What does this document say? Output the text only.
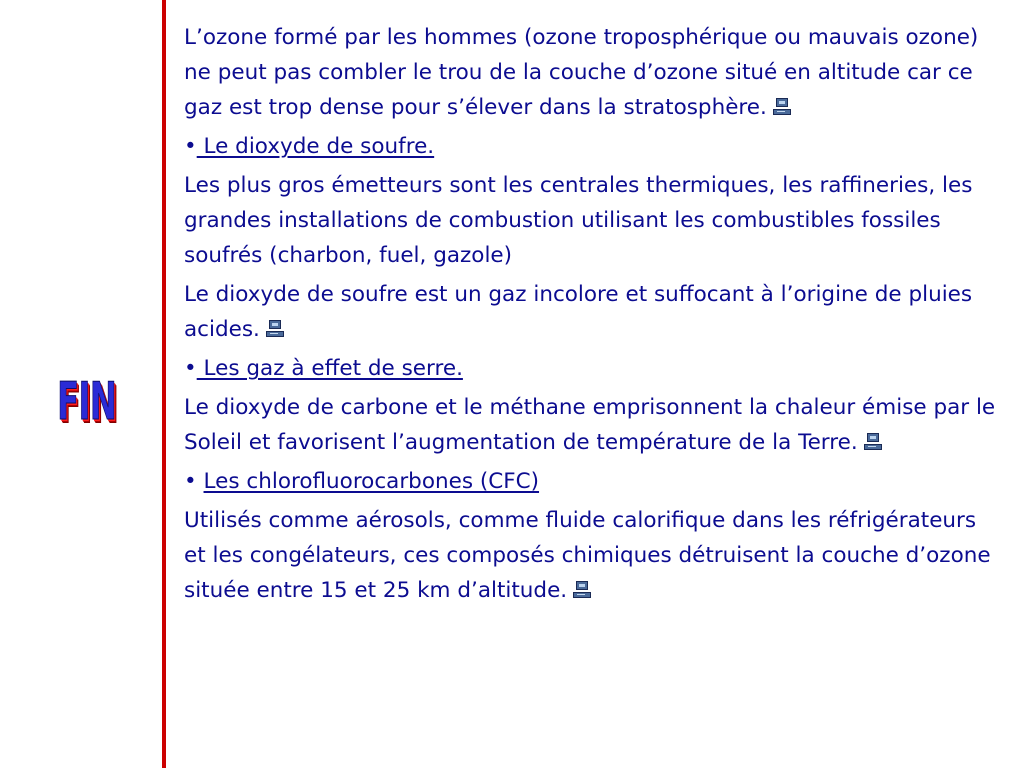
FIN

L’ozone formé par les hommes (ozone troposphérique ou mauvais ozone) ne peut pas combler le trou de la couche d’ozone situé en altitude car ce gaz est trop dense pour s’élever dans la stratosphère.

• Le dioxyde de soufre.

Les plus gros émetteurs sont les centrales thermiques, les raffineries, les grandes installations de combustion utilisant les combustibles fossiles soufrés (charbon, fuel, gazole)

Le dioxyde de soufre est un gaz incolore et suffocant à l’origine de pluies acides.

• Les gaz à effet de serre.

Le dioxyde de carbone et le méthane emprisonnent la chaleur émise par le Soleil et favorisent l’augmentation de température de la Terre.

• Les chlorofluorocarbones (CFC)

Utilisés comme aérosols, comme fluide calorifique dans les réfrigérateurs et les congélateurs, ces composés chimiques détruisent la couche d’ozone située entre 15 et 25 km d’altitude.
